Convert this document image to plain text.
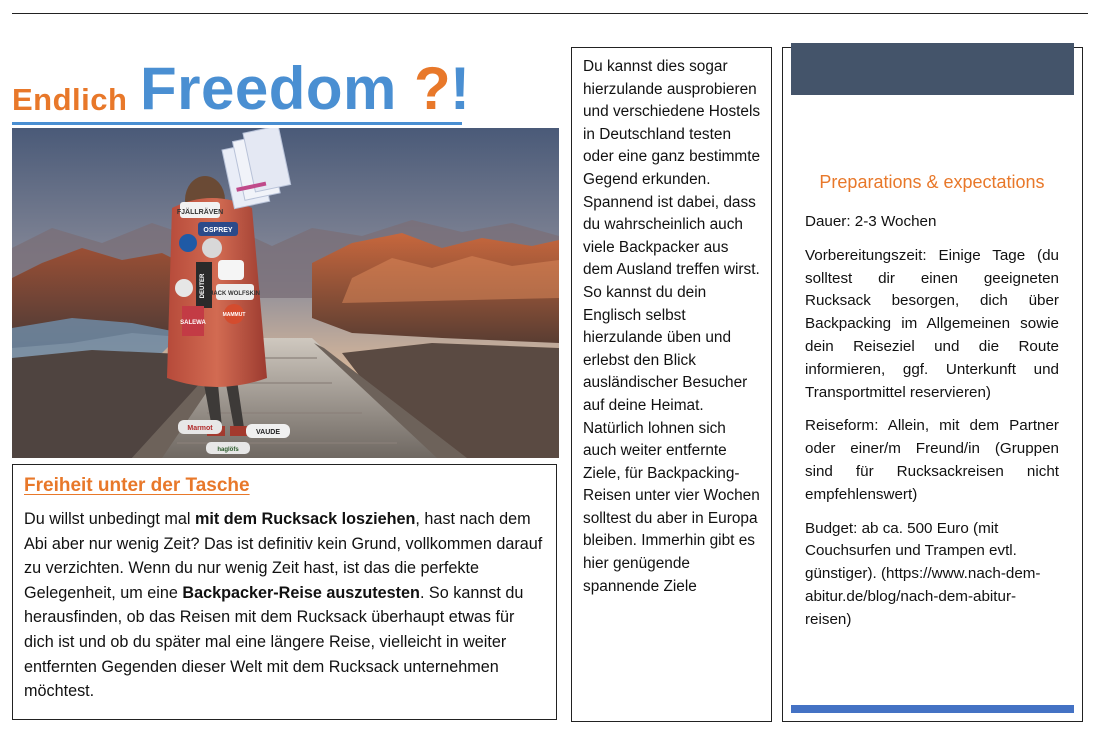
Endlich Freedom ? !
FJÄLLRÄVEN
OSPREY
DEUTER JACK WOLFSKIN
SALEWA
MAMMUT
Marmot
VAUDE
haglöfs
Freiheit unter der Tasche

Du willst unbedingt mal mit dem Rucksack losziehen, hast nach dem Abi aber nur wenig Zeit? Das ist definitiv kein Grund, vollkommen darauf zu verzichten. Wenn du nur wenig Zeit hast, ist das die perfekte Gelegenheit, um eine Backpacker-Reise auszutesten. So kannst du herausfinden, ob das Reisen mit dem Rucksack überhaupt etwas für dich ist und ob du später mal eine längere Reise, vielleicht in weiter entfernten Gegenden dieser Welt mit dem Rucksack unternehmen möchtest.

Du kannst dies sogar hierzulande ausprobieren und verschiedene Hostels in Deutschland testen oder eine ganz bestimmte Gegend erkunden. Spannend ist dabei, dass du wahrscheinlich auch viele Backpacker aus dem Ausland treffen wirst. So kannst du dein Englisch selbst hierzulande üben und erlebst den Blick ausländischer Besucher auf deine Heimat. Natürlich lohnen sich auch weiter entfernte Ziele, für Backpacking-Reisen unter vier Wochen solltest du aber in Europa bleiben. Immerhin gibt es hier genügende spannende Ziele

Preparations & expectations

Dauer: 2-3 Wochen

Vorbereitungszeit: Einige Tage (du solltest dir einen geeigneten Rucksack besorgen, dich über Backpacking im Allgemeinen sowie dein Reiseziel und die Route informieren, ggf. Unterkunft und Transportmittel reservieren)

Reiseform: Allein, mit dem Partner oder einer/m Freund/in (Gruppen sind für Rucksackreisen nicht empfehlenswert)

Budget: ab ca. 500 Euro (mit Couchsurfen und Trampen evtl. günstiger). (https://www.nach-dem-abitur.de/blog/nach-dem-abitur-reisen)
